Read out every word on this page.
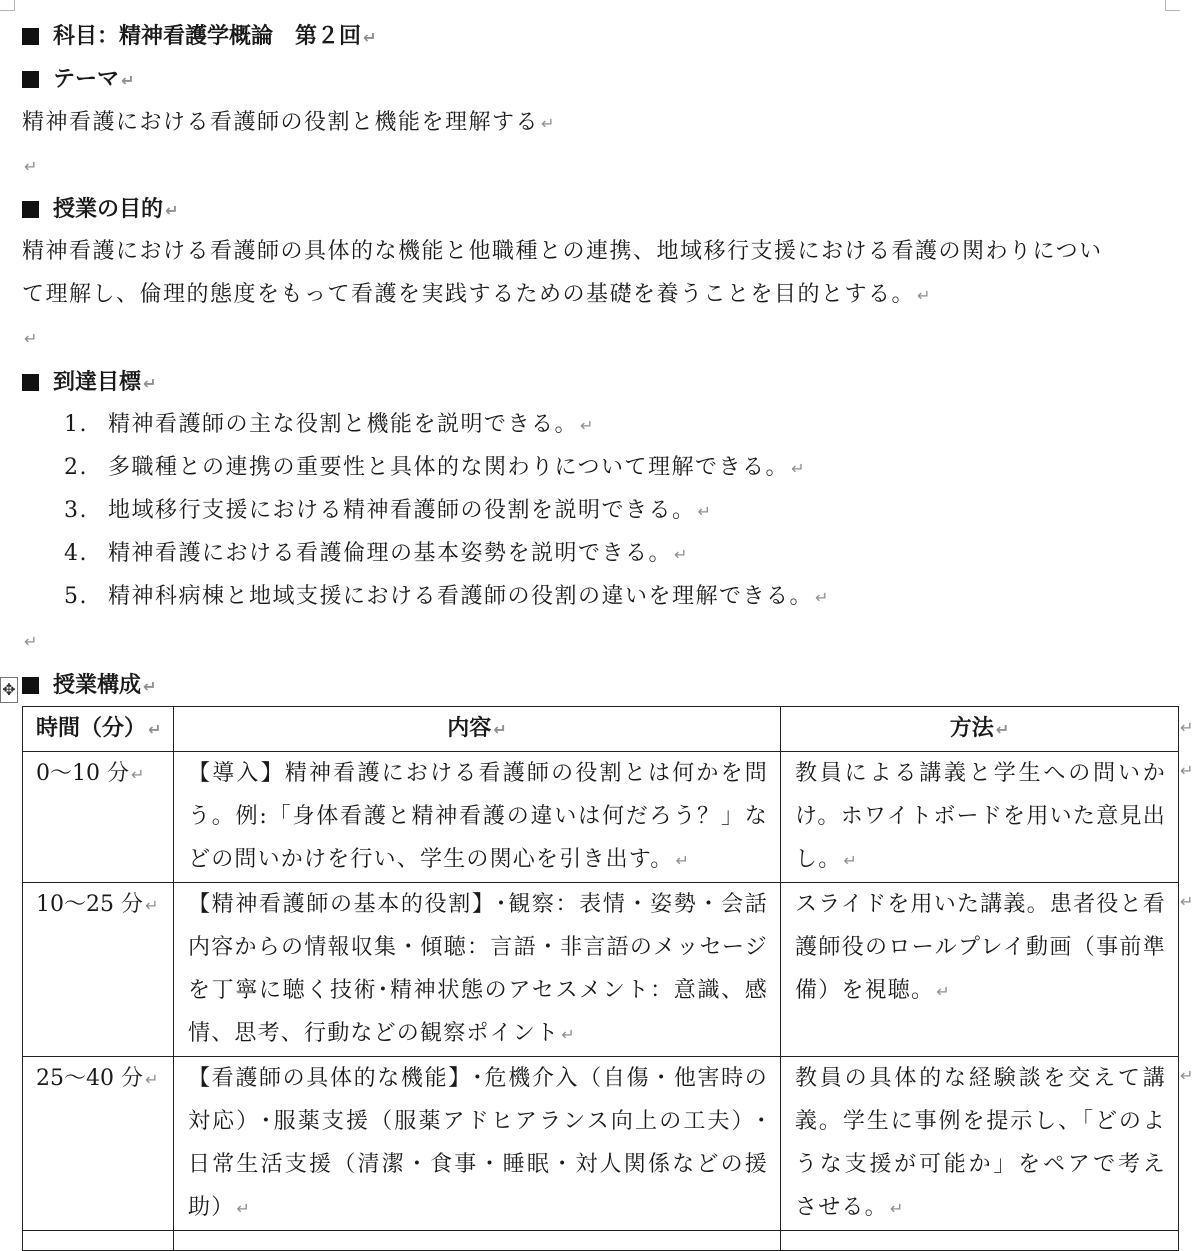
科目：精神看護学概論　第２回 ↵
テーマ ↵
精神看護における看護師の役割と機能を理解する ↵
↵
授業の目的 ↵
精神看護における看護師の具体的な機能と他職種との連携、地域移行支援における看護の関わりについ
て理解し、倫理的態度をもって看護を実践するための基礎を養うことを目的とする。 ↵
↵
到達目標 ↵
1. 精神看護師の主な役割と機能を説明できる。 ↵
2. 多職種との連携の重要性と具体的な関わりについて理解できる。 ↵
3. 地域移行支援における精神看護師の役割を説明できる。 ↵
4. 精神看護における看護倫理の基本姿勢を説明できる。 ↵
5. 精神科病棟と地域支援における看護師の役割の違いを理解できる。 ↵
↵
✥	授業構成 ↵
時間（分） ↵	内容 ↵	方法 ↵
0～10 分 ↵	【導入】精神看護における看護師の役割とは何かを問う。例:「身体看護と精神看護の違いは何だろう？」などの問いかけを行い、学生の関心を引き出す。 ↵	教員による講義と学生への問いかけ。ホワイトボードを用いた意見出し。 ↵
10～25 分 ↵	【精神看護師の基本的役割】･観察：表情・姿勢・会話内容からの情報収集・傾聴：言語・非言語のメッセージを丁寧に聴く技術･精神状態のアセスメント：意識、感情、思考、行動などの観察ポイント ↵	スライドを用いた講義。患者役と看護師役のロールプレイ動画（事前準備）を視聴。 ↵
25～40 分 ↵	【看護師の具体的な機能】･危機介入（自傷・他害時の対応）･服薬支援（服薬アドヒアランス向上の工夫）･日常生活支援（清潔・食事・睡眠・対人関係などの援助） ↵	教員の具体的な経験談を交えて講義。学生に事例を提示し、「どのような支援が可能か」をペアで考えさせる。 ↵

↵
↵
↵
↵
